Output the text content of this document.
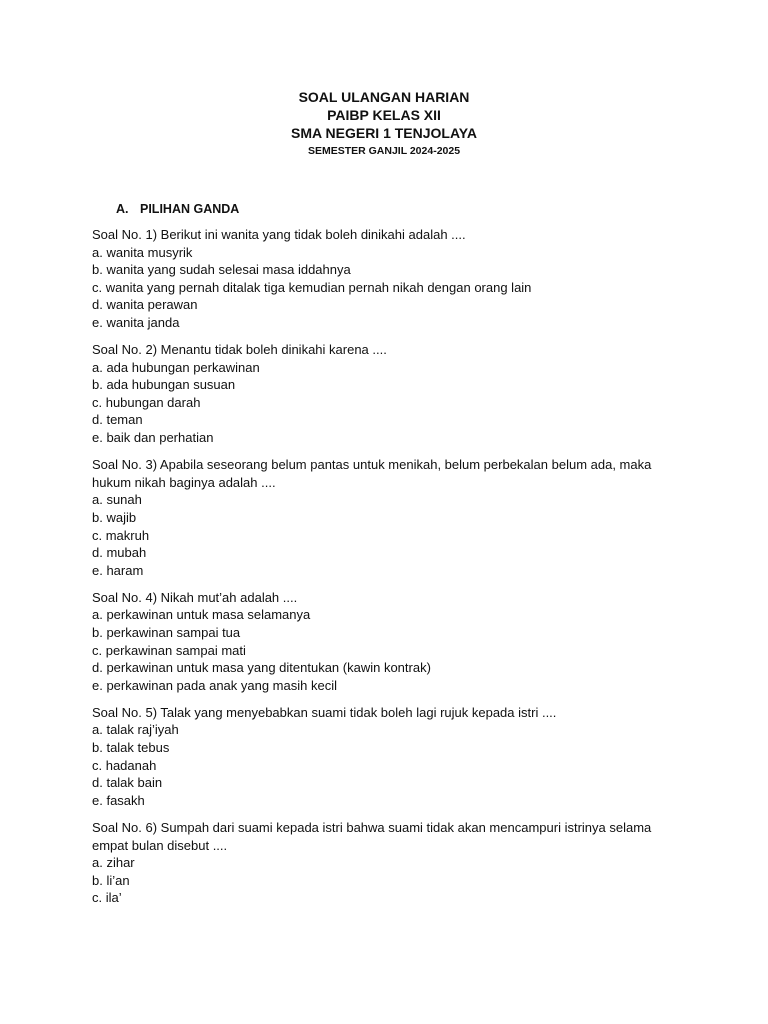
SOAL ULANGAN HARIAN
PAIBP KELAS XII
SMA NEGERI 1 TENJOLAYA
SEMESTER GANJIL 2024-2025
A. PILIHAN GANDA
Soal No. 1) Berikut ini wanita yang tidak boleh dinikahi adalah ....
a. wanita musyrik
b. wanita yang sudah selesai masa iddahnya
c. wanita yang pernah ditalak tiga kemudian pernah nikah dengan orang lain
d. wanita perawan
e. wanita janda
Soal No. 2) Menantu tidak boleh dinikahi karena ....
a. ada hubungan perkawinan
b. ada hubungan susuan
c. hubungan darah
d. teman
e. baik dan perhatian
Soal No. 3) Apabila seseorang belum pantas untuk menikah, belum perbekalan belum ada, maka hukum nikah baginya adalah ....
a. sunah
b. wajib
c. makruh
d. mubah
e. haram
Soal No. 4) Nikah mut’ah adalah ....
a. perkawinan untuk masa selamanya
b. perkawinan sampai tua
c. perkawinan sampai mati
d. perkawinan untuk masa yang ditentukan (kawin kontrak)
e. perkawinan pada anak yang masih kecil
Soal No. 5) Talak yang menyebabkan suami tidak boleh lagi rujuk kepada istri ....
a. talak raj’iyah
b. talak tebus
c. hadanah
d. talak bain
e. fasakh
Soal No. 6) Sumpah dari suami kepada istri bahwa suami tidak akan mencampuri istrinya selama empat bulan disebut ....
a. zihar
b. li’an
c. ila’
